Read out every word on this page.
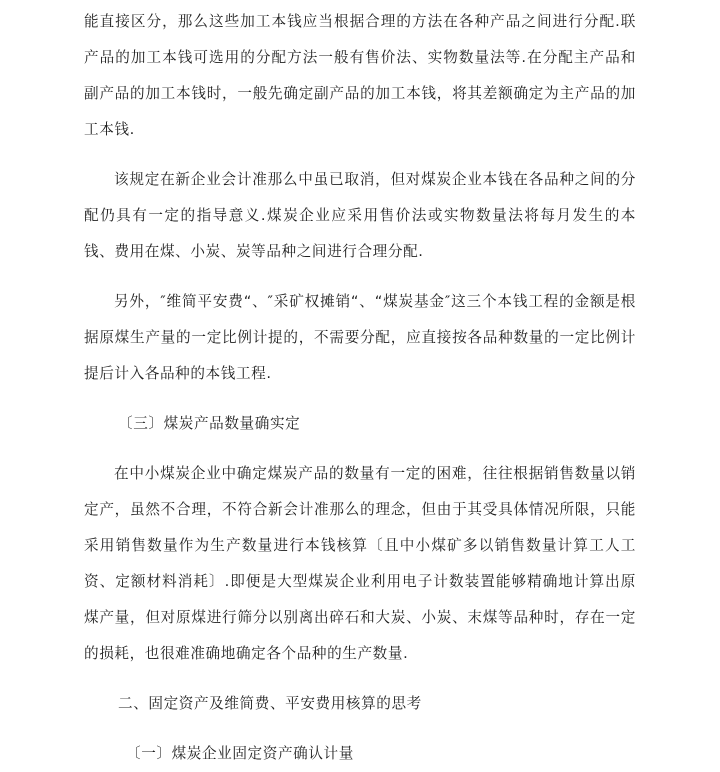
能直接区分，那么这些加工本钱应当根据合理的方法在各种产品之间进行分配.联产品的加工本钱可选用的分配方法一般有售价法、实物数量法等.在分配主产品和副产品的加工本钱时，一般先确定副产品的加工本钱，将其差额确定为主产品的加工本钱.

该规定在新企业会计准那么中虽已取消，但对煤炭企业本钱在各品种之间的分配仍具有一定的指导意义.煤炭企业应采用售价法或实物数量法将每月发生的本钱、费用在煤、小炭、炭等品种之间进行合理分配.

另外，″维简平安费“、″采矿权摊销“、“煤炭基金″这三个本钱工程的金额是根据原煤生产量的一定比例计提的，不需要分配，应直接按各品种数量的一定比例计提后计入各品种的本钱工程.

〔三〕煤炭产品数量确实定

在中小煤炭企业中确定煤炭产品的数量有一定的困难，往往根据销售数量以销定产，虽然不合理，不符合新会计准那么的理念，但由于其受具体情况所限，只能采用销售数量作为生产数量进行本钱核算〔且中小煤矿多以销售数量计算工人工资、定额材料消耗〕.即便是大型煤炭企业利用电子计数装置能够精确地计算出原煤产量，但对原煤进行筛分以别离出碎石和大炭、小炭、末煤等品种时，存在一定的损耗，也很难准确地确定各个品种的生产数量.

二、固定资产及维简费、平安费用核算的思考

〔一〕煤炭企业固定资产确认计量
